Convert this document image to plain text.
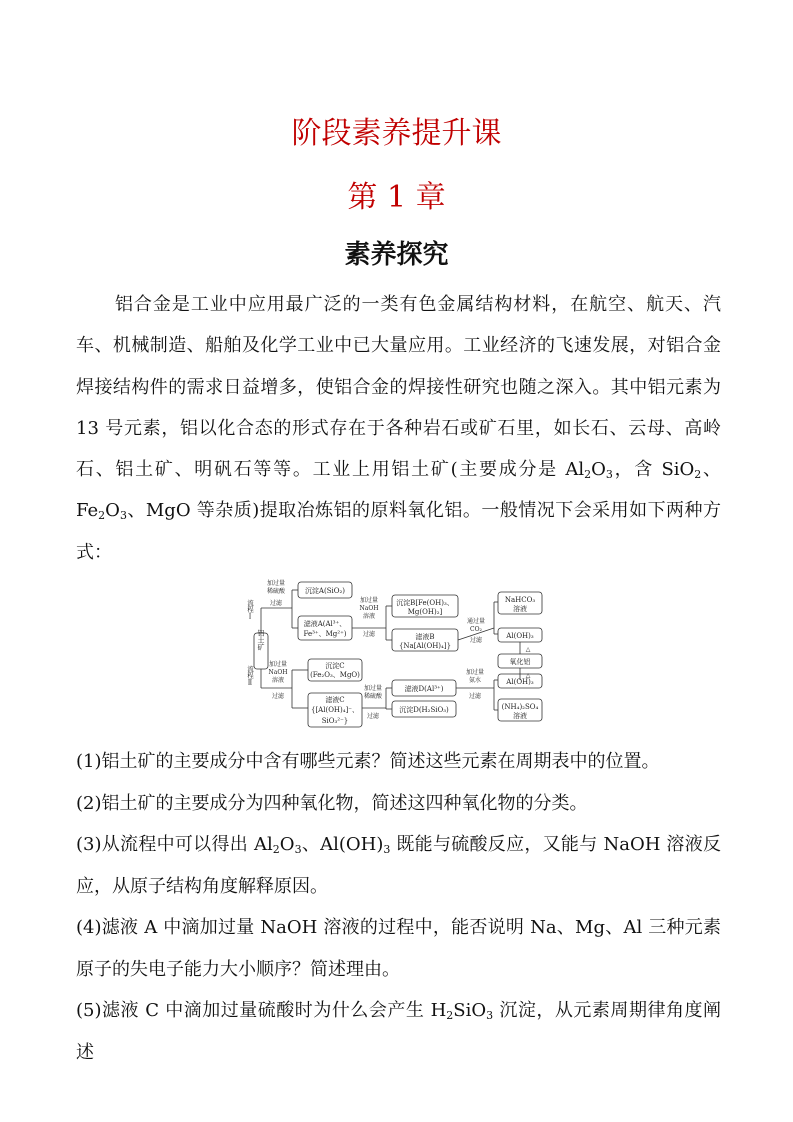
阶段素养提升课
第 1 章
素养探究
铝合金是工业中应用最广泛的一类有色金属结构材料，在航空、航天、汽车、机械制造、船舶及化学工业中已大量应用。工业经济的飞速发展，对铝合金焊接结构件的需求日益增多，使铝合金的焊接性研究也随之深入。其中铝元素为 13 号元素，铝以化合态的形式存在于各种岩石或矿石里，如长石、云母、高岭石、铝土矿、明矾石等等。工业上用铝土矿(主要成分是 $Al_2O_3$，含 SiO$_2$、$Fe_2O_3$、MgO 等杂质)提取冶炼铝的原料氧化铝。一般情况下会采用如下两种方式：
流程Ⅰ
流程Ⅱ
铝土矿
加过量
稀硫酸
过滤
沉淀A(SiO₂)
滤液A(Al³⁺、
Fe³⁺、Mg²⁺)
加过量
NaOH
溶液
过滤
沉淀B[Fe(OH)₃、
Mg(OH)₂]
滤液B
{Na[Al(OH)₄]}
通过量
CO₂
过滤
NaHCO₃
溶液
Al(OH)₃
△
氧化铝
△
加过量
NaOH
溶液
过滤
沉淀C
(Fe₂O₃、MgO)
滤液C
{[Al(OH)₄]⁻、
SiO₃²⁻}
加过量
稀硫酸
过滤
滤液D(Al³⁺)
沉淀D(H₂SiO₃)
加过量
氨水
过滤
Al(OH)₃
(NH₄)₂SO₄
溶液
(1)铝土矿的主要成分中含有哪些元素？简述这些元素在周期表中的位置。
(2)铝土矿的主要成分为四种氧化物，简述这四种氧化物的分类。
(3)从流程中可以得出 $Al_2O_3$、$Al(OH)_3$ 既能与硫酸反应，又能与 NaOH 溶液反应，从原子结构角度解释原因。
(4)滤液 A 中滴加过量 NaOH 溶液的过程中，能否说明 Na、Mg、Al 三种元素原子的失电子能力大小顺序？简述理由。
(5)滤液 C 中滴加过量硫酸时为什么会产生 $H_2SiO_3$ 沉淀，从元素周期律角度阐述
